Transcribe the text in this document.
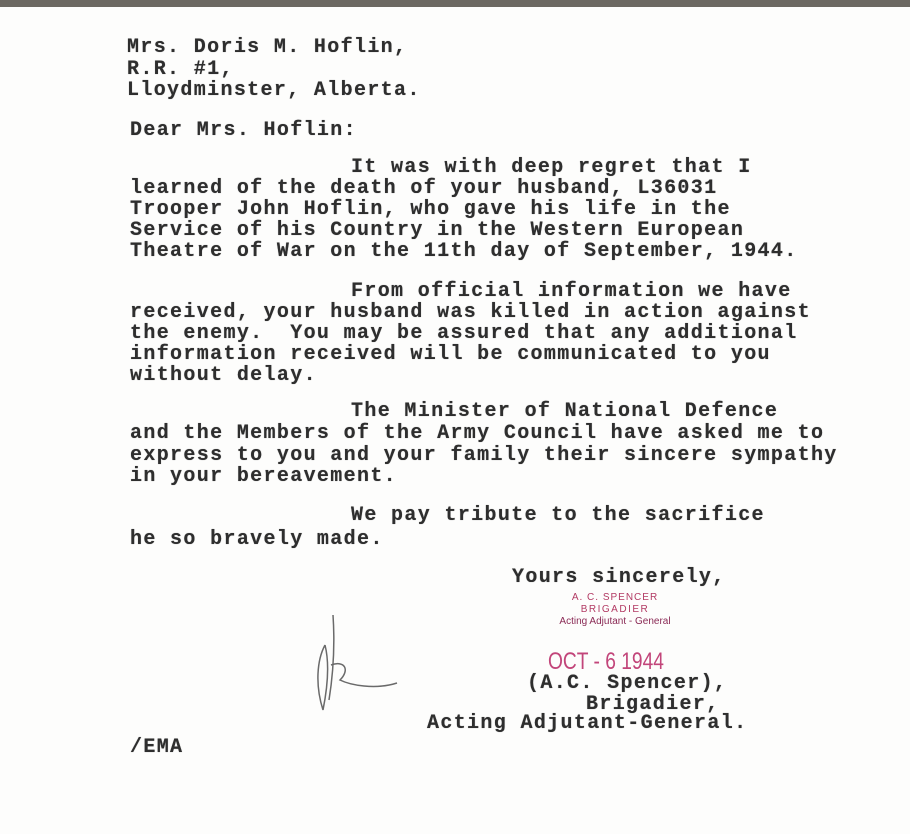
Mrs. Doris M. Hoflin,
R.R. #1,
Lloydminster, Alberta.
Dear Mrs. Hoflin:
It was with deep regret that I
learned of the death of your husband, L36031
Trooper John Hoflin, who gave his life in the
Service of his Country in the Western European
Theatre of War on the 11th day of September, 1944.
From official information we have
received, your husband was killed in action against
the enemy.  You may be assured that any additional
information received will be communicated to you
without delay.
The Minister of National Defence
and the Members of the Army Council have asked me to
express to you and your family their sincere sympathy
in your bereavement.
We pay tribute to the sacrifice
he so bravely made.
Yours sincerely,
A. C. SPENCER
BRIGADIER
Acting Adjutant - General
OCT - 6 1944
(A.C. Spencer),
Brigadier,
Acting Adjutant-General.
/EMA
